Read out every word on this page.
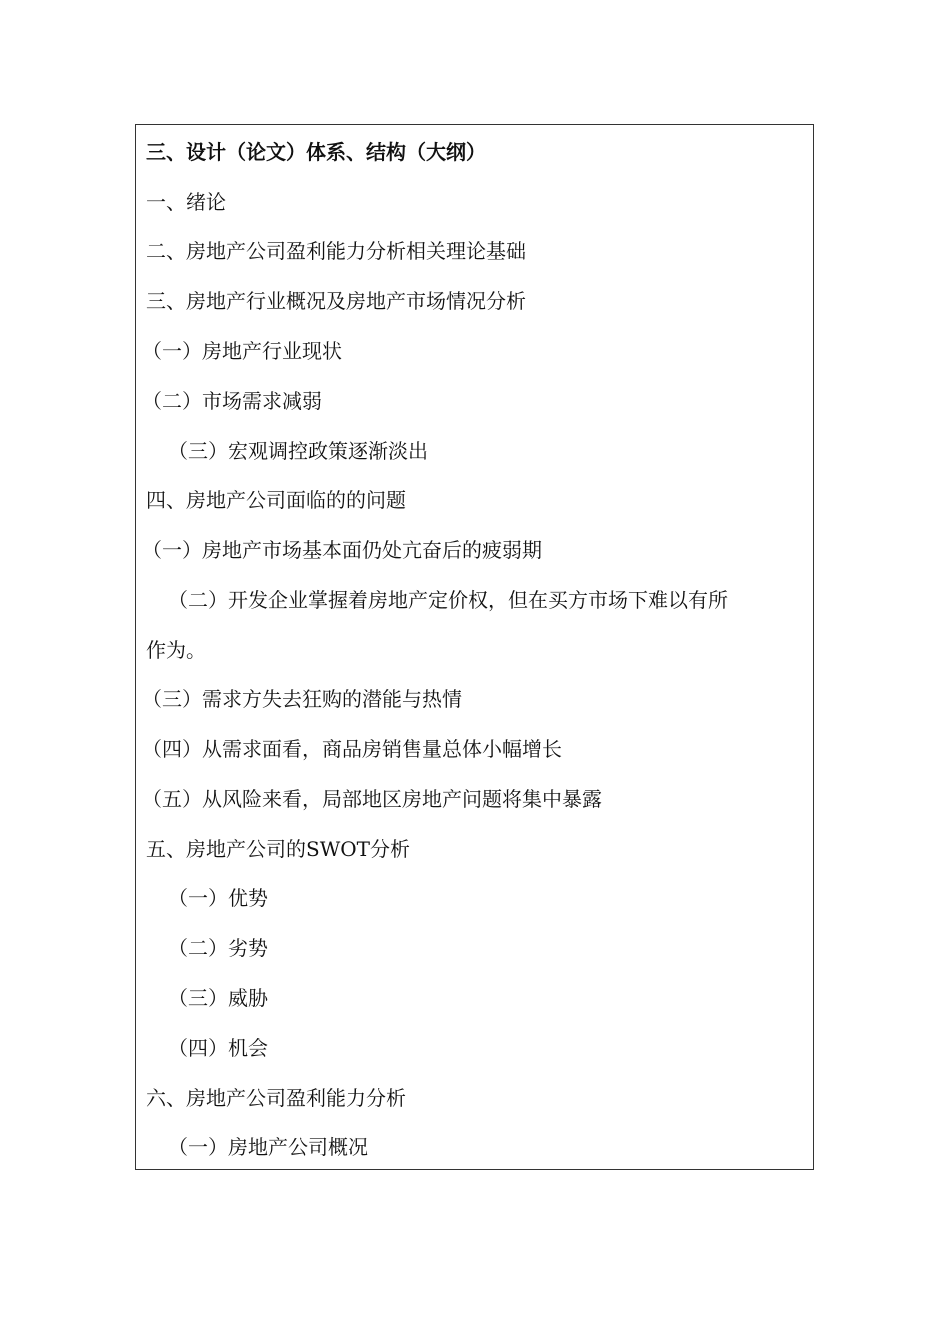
三、设计（论文）体系、结构（大纲）
一、绪论
二、房地产公司盈利能力分析相关理论基础
三、房地产行业概况及房地产市场情况分析
（一）房地产行业现状
（二）市场需求减弱
（三）宏观调控政策逐渐淡出
四、房地产公司面临的的问题
（一）房地产市场基本面仍处亢奋后的疲弱期
（二）开发企业掌握着房地产定价权，但在买方市场下难以有所
作为。
（三）需求方失去狂购的潜能与热情
（四）从需求面看，商品房销售量总体小幅增长
（五）从风险来看，局部地区房地产问题将集中暴露
五、房地产公司的SWOT分析
（一）优势
（二）劣势
（三）威胁
（四）机会
六、房地产公司盈利能力分析
（一）房地产公司概况
